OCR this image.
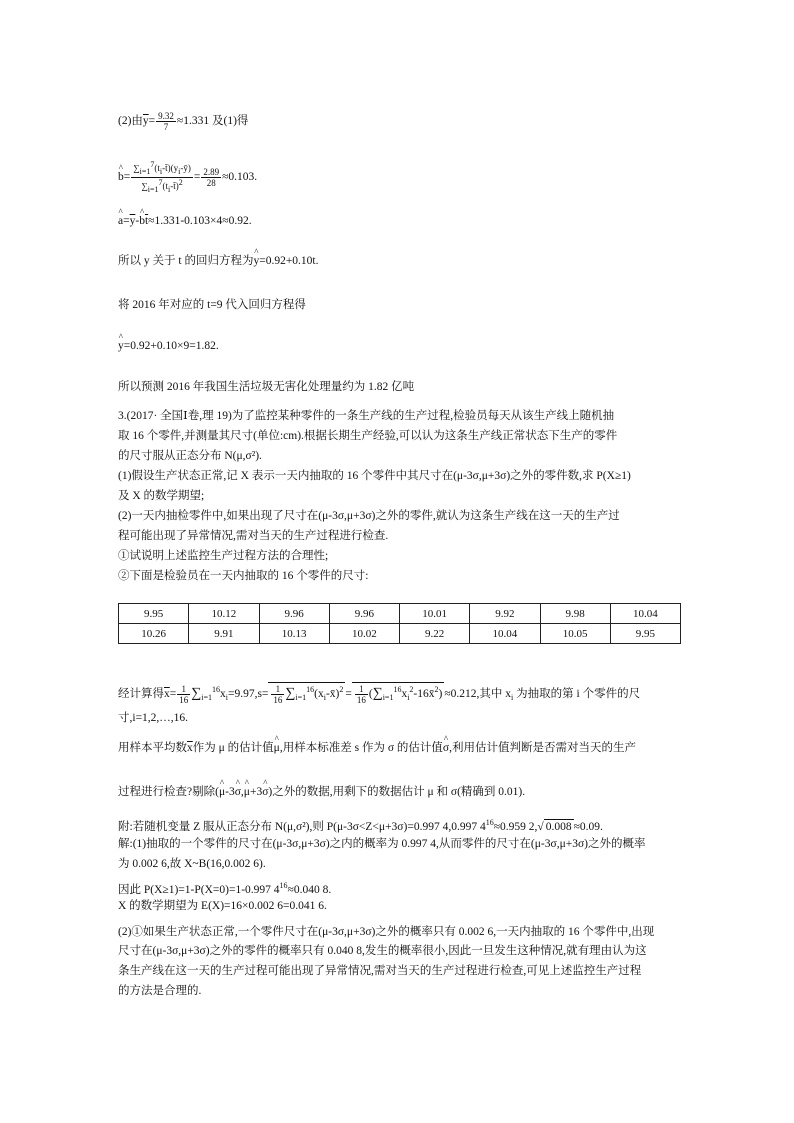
(2)由$\overline{y}= \frac{9.32}{7} \approx 1.331$ 及(1)得
^ $b= \frac{\sum i=17(ti-t̄)(yi-ȳ)}{\sum i=17(ti-t̄)2} = \frac{2.89}{28} \approx 0.103$.
^ $a=\overline{y}-\^{}$ $b\overline{t}\approx 1.331-0.103\times 4\approx 0.92$.
所以 y 关于 t 的回归方程为^ y=0.92+0.10t.
将 2016 年对应的 t=9 代入回归方程得
^ y=0.92+0.10×9=1.82.
所以预测 2016 年我国生活垃圾无害化处理量约为 1.82 亿吨
3.(2017· 全国Ⅰ卷,理 19)为了监控某种零件的一条生产线的生产过程,检验员每天从该生产线上随机抽
取 16 个零件,并测量其尺寸(单位:cm).根据长期生产经验,可以认为这条生产线正常状态下生产的零件
的尺寸服从正态分布 N(μ,σ²).
(1)假设生产状态正常,记 X 表示一天内抽取的 16 个零件中其尺寸在(μ-3σ,μ+3σ)之外的零件数,求 P(X≥1)
及 X 的数学期望;
(2)一天内抽检零件中,如果出现了尺寸在(μ-3σ,μ+3σ)之外的零件,就认为这条生产线在这一天的生产过
程可能出现了异常情况,需对当天的生产过程进行检查.
①试说明上述监控生产过程方法的合理性;
②下面是检验员在一天内抽取的 16 个零件的尺寸:
9.95	10.12	9.96	9.96	10.01	9.92	9.98	10.04
10.26	9.91	10.13	10.02	9.22	10.04	10.05	9.95
经计算得$\overline{x}= \frac{1}{16} \sum_{i=1}^{16}x_i=9.97,s= \frac{1}{16}$ $\sum_{i=1}^{16}(x_i-x̄)^2 = \frac{1}{16}$ $(\sum_{i=1}^{16}x_i^2-16x̄^2) \approx 0.212$,其中 $x_i$ 为抽取的第 i 个零件的尺
寸,i=1,2,…,16.
用样本平均数$\overline{x}$作为 μ 的估计值^ μ,用样本标准差 s 作为 σ 的估计值^ σ,利用估计值判断是否需对当天的生产
过程进行检查?剔除(^ μ-3^ σ,^ μ+3^ σ)之外的数据,用剩下的数据估计 μ 和 σ(精确到 0.01).
附:若随机变量 Z 服从正态分布 N(μ,σ²),则 P(μ-3σ<Z<μ+3σ)=0.997 4,0.997 $4^{16}\approx 0.959$ 2,√ 0.008 ≈0.09.
解:(1)抽取的一个零件的尺寸在(μ-3σ,μ+3σ)之内的概率为 0.997 4,从而零件的尺寸在(μ-3σ,μ+3σ)之外的概率
为 0.002 6,故 X~B(16,0.002 6).
因此 P(X≥1)=1-P(X=0)=1-0.997 $4^{16}\approx 0.040$ 8.
X 的数学期望为 E(X)=16×0.002 6=0.041 6.
(2)①如果生产状态正常,一个零件尺寸在(μ-3σ,μ+3σ)之外的概率只有 0.002 6,一天内抽取的 16 个零件中,出现
尺寸在(μ-3σ,μ+3σ)之外的零件的概率只有 0.040 8,发生的概率很小,因此一旦发生这种情况,就有理由认为这
条生产线在这一天的生产过程可能出现了异常情况,需对当天的生产过程进行检查,可见上述监控生产过程
的方法是合理的.
